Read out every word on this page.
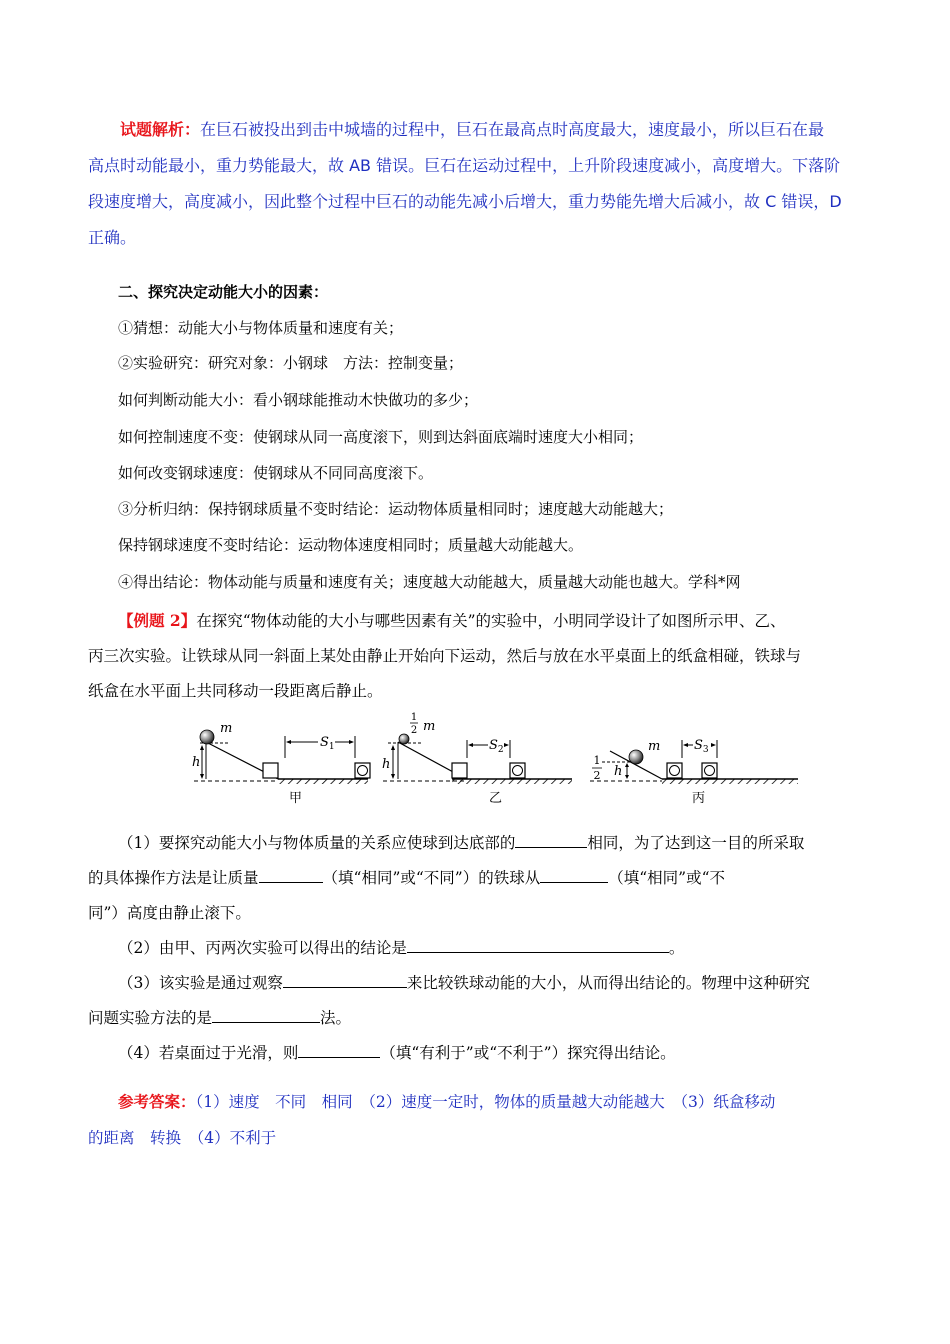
试题解析：在巨石被投出到击中城墙的过程中，巨石在最高点时高度最大，速度最小，所以巨石在最

高点时动能最小，重力势能最大，故 AB 错误。巨石在运动过程中，上升阶段速度减小，高度增大。下落阶

段速度增大，高度减小，因此整个过程中巨石的动能先减小后增大，重力势能先增大后减小，故 C 错误，D

正确。

二、探究决定动能大小的因素：
①猜想：动能大小与物体质量和速度有关；
②实验研究：研究对象：小钢球　方法：控制变量；
如何判断动能大小：看小钢球能推动木快做功的多少；
如何控制速度不变：使钢球从同一高度滚下，则到达斜面底端时速度大小相同；
如何改变钢球速度：使钢球从不同同高度滚下。
③分析归纳：保持钢球质量不变时结论：运动物体质量相同时；速度越大动能越大；
保持钢球速度不变时结论：运动物体速度相同时；质量越大动能越大。
④得出结论：物体动能与质量和速度有关；速度越大动能越大，质量越大动能也越大。学科*网

【例题 2】在探究“物体动能的大小与哪些因素有关”的实验中，小明同学设计了如图所示甲、乙、

丙三次实验。让铁球从同一斜面上某处由静止开始向下运动，然后与放在水平桌面上的纸盒相碰，铁球与

纸盒在水平面上共同移动一段距离后静止。

m
h
$S_1$
甲
1
2 m
h
$S_2$
乙
m
1
2 h
$S_3$
丙

（1）要探究动能大小与物体质量的关系应使球到达底部的	相同，为了达到这一目的所采取

的具体操作方法是让质量	（填“相同”或“不同”）的铁球从	（填“相同”或“不

同”）高度由静止滚下。

（2）由甲、丙两次实验可以得出的结论是	。

（3）该实验是通过观察	来比较铁球动能的大小，从而得出结论的。物理中这种研究

问题实验方法的是	法。

（4）若桌面过于光滑，则	（填“有利于”或“不利于”）探究得出结论。

参考答案：（1）速度　不同　相同　（2）速度一定时，物体的质量越大动能越大　（3）纸盒移动

的距离　转换　（4）不利于
